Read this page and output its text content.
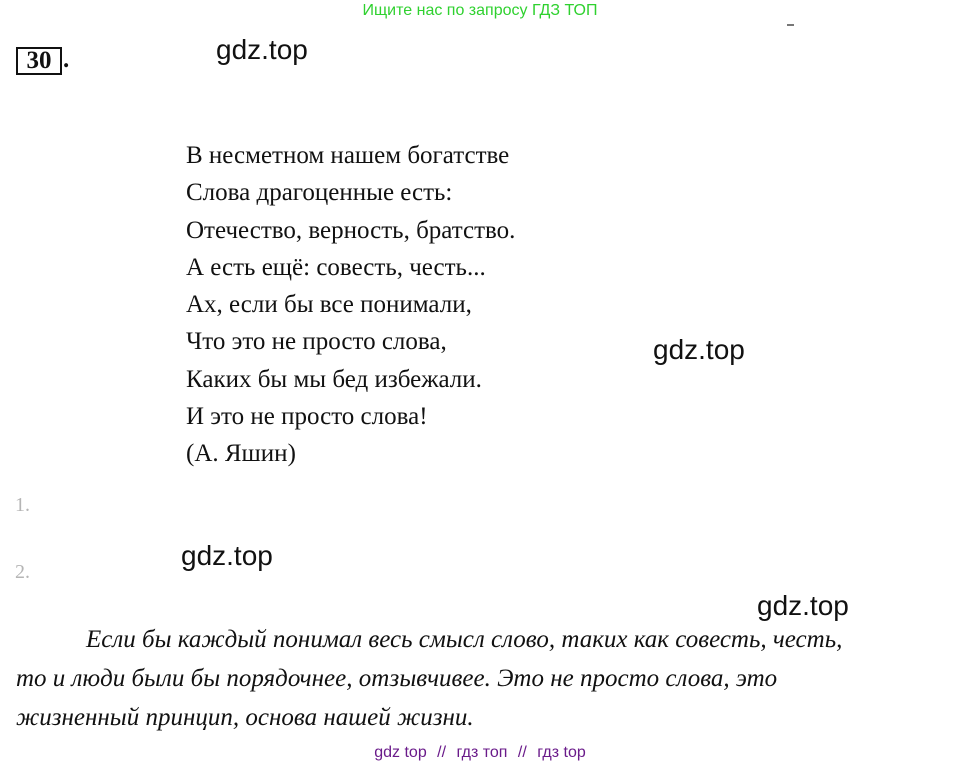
Ищите нас по запросу ГДЗ ТОП
30 .	gdz.top
gdz.top
gdz.top
gdz.top
В несметном нашем богатстве
Слова драгоценные есть:
Отечество, верность, братство.
А есть ещё: совесть, честь...
Ах, если бы все понимали,
Что это не просто слова,
Каких бы мы бед избежали.
И это не просто слова!
(А. Яшин)
1.
2.
Если бы каждый понимал весь смысл слово, таких как совесть, честь,
то и люди были бы порядочнее, отзывчивее. Это не просто слова, это
жизненный принцип, основа нашей жизни.
gdz top // гдз топ // гдз top
